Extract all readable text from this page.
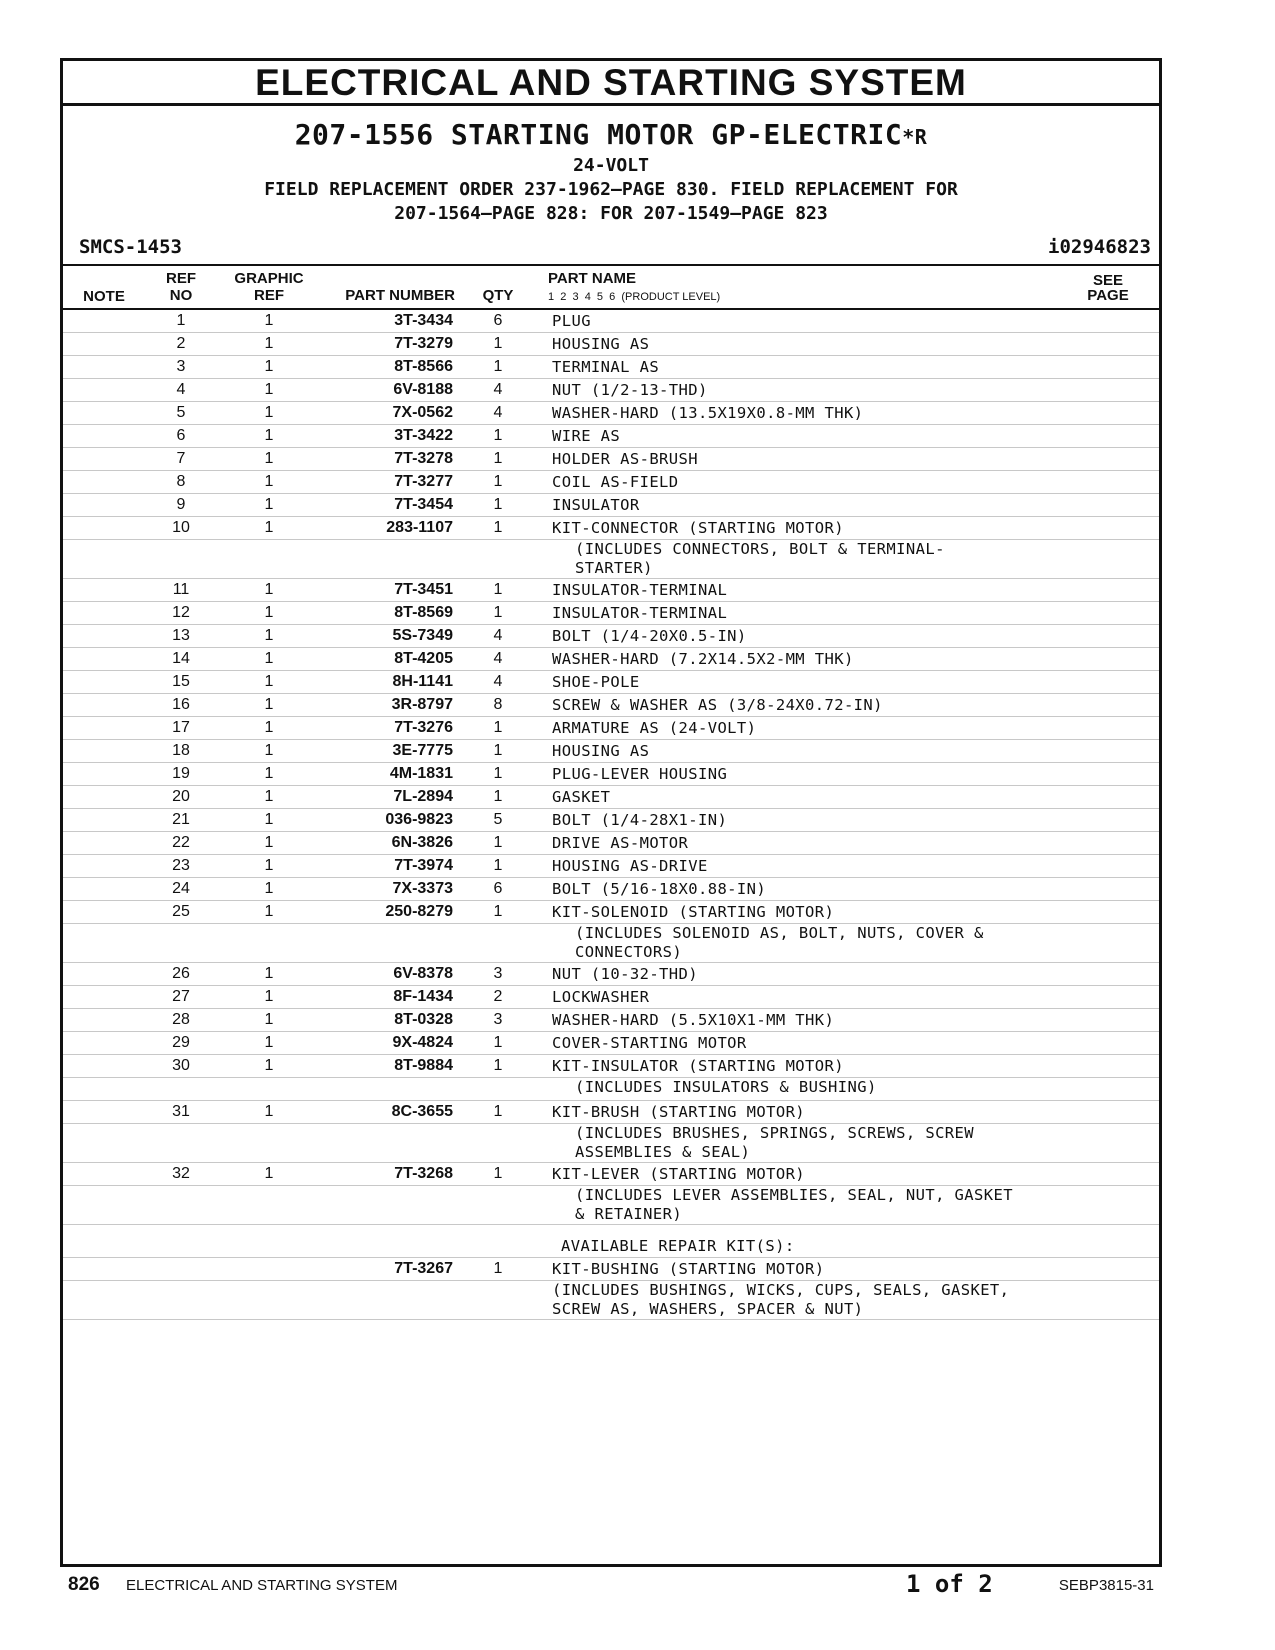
ELECTRICAL AND STARTING SYSTEM
207-1556 STARTING MOTOR GP-ELECTRIC*R
24-VOLT
FIELD REPLACEMENT ORDER 237-1962—PAGE 830. FIELD REPLACEMENT FOR
207-1564—PAGE 828: FOR 207-1549—PAGE 823
SMCS-1453	i02946823
NOTE
REF
NO
GRAPHIC
REF	PART NUMBER	QTY
PART NAME
1  2  3  4  5  6  (PRODUCT LEVEL)
SEE
PAGE
1	1	3T-3434	6	PLUG
2	1	7T-3279	1	HOUSING AS
3	1	8T-8566	1	TERMINAL AS
4	1	6V-8188	4	NUT (1/2-13-THD)
5	1	7X-0562	4	WASHER-HARD (13.5X19X0.8-MM THK)
6	1	3T-3422	1	WIRE AS
7	1	7T-3278	1	HOLDER AS-BRUSH
8	1	7T-3277	1	COIL AS-FIELD
9	1	7T-3454	1	INSULATOR
10	1	283-1107	1	KIT-CONNECTOR (STARTING MOTOR)
(INCLUDES CONNECTORS, BOLT & TERMINAL-
STARTER)
11	1	7T-3451	1	INSULATOR-TERMINAL
12	1	8T-8569	1	INSULATOR-TERMINAL
13	1	5S-7349	4	BOLT (1/4-20X0.5-IN)
14	1	8T-4205	4	WASHER-HARD (7.2X14.5X2-MM THK)
15	1	8H-1141	4	SHOE-POLE
16	1	3R-8797	8	SCREW & WASHER AS (3/8-24X0.72-IN)
17	1	7T-3276	1	ARMATURE AS (24-VOLT)
18	1	3E-7775	1	HOUSING AS
19	1	4M-1831	1	PLUG-LEVER HOUSING
20	1	7L-2894	1	GASKET
21	1	036-9823	5	BOLT (1/4-28X1-IN)
22	1	6N-3826	1	DRIVE AS-MOTOR
23	1	7T-3974	1	HOUSING AS-DRIVE
24	1	7X-3373	6	BOLT (5/16-18X0.88-IN)
25	1	250-8279	1	KIT-SOLENOID (STARTING MOTOR)
(INCLUDES SOLENOID AS, BOLT, NUTS, COVER &
CONNECTORS)
26	1	6V-8378	3	NUT (10-32-THD)
27	1	8F-1434	2	LOCKWASHER
28	1	8T-0328	3	WASHER-HARD (5.5X10X1-MM THK)
29	1	9X-4824	1	COVER-STARTING MOTOR
30	1	8T-9884	1	KIT-INSULATOR (STARTING MOTOR)
(INCLUDES INSULATORS & BUSHING)
31	1	8C-3655	1	KIT-BRUSH (STARTING MOTOR)
(INCLUDES BRUSHES, SPRINGS, SCREWS, SCREW
ASSEMBLIES & SEAL)
32	1	7T-3268	1	KIT-LEVER (STARTING MOTOR)
(INCLUDES LEVER ASSEMBLIES, SEAL, NUT, GASKET
& RETAINER)
AVAILABLE REPAIR KIT(S):
7T-3267	1	KIT-BUSHING (STARTING MOTOR)
(INCLUDES BUSHINGS, WICKS, CUPS, SEALS, GASKET,
SCREW AS, WASHERS, SPACER & NUT)
826 ELECTRICAL AND STARTING SYSTEM	1 of 2	SEBP3815-31
